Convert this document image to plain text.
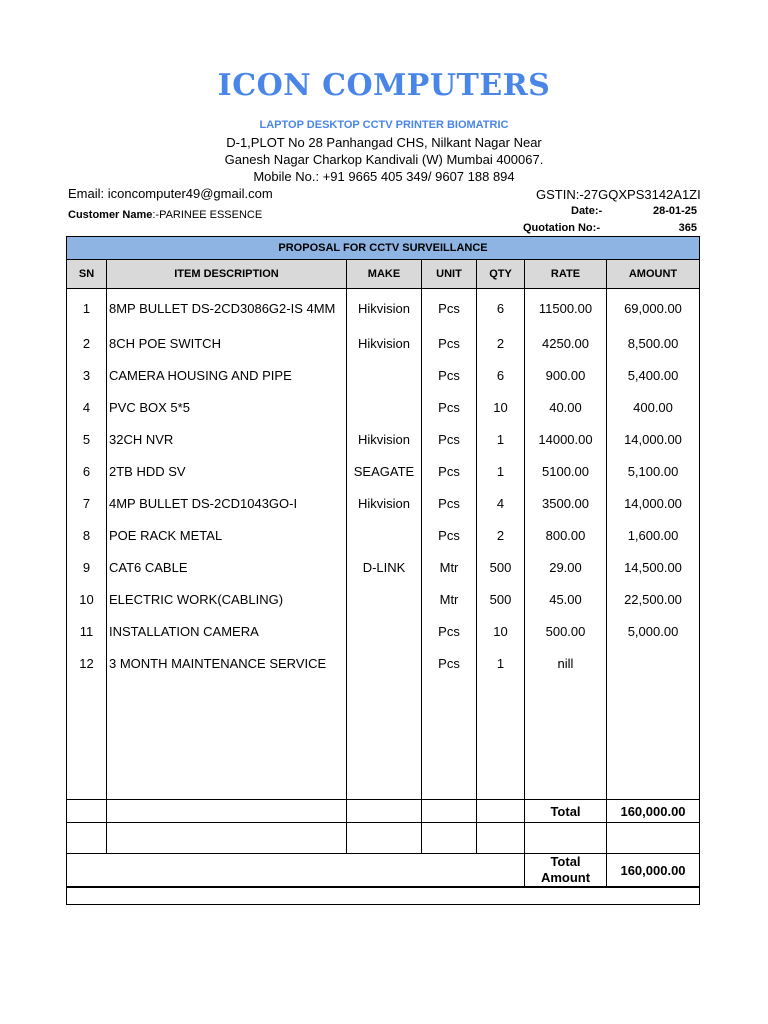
ICON COMPUTERS
LAPTOP DESKTOP CCTV PRINTER BIOMATRIC
D-1,PLOT No 28 Panhangad CHS, Nilkant Nagar Near
Ganesh Nagar Charkop Kandivali (W) Mumbai 400067.
Mobile No.: +91 9665 405 349/ 9607 188 894
Email: iconcomputer49@gmail.com	GSTIN:-27GQXPS3142A1ZI
Customer Name:-PARINEE ESSENCE	Date:-	28-01-25
Quotation No:-	365
PROPOSAL FOR CCTV SURVEILLANCE						
SN	ITEM DESCRIPTION	MAKE	UNIT	QTY	RATE	AMOUNT
1	8MP BULLET DS-2CD3086G2-IS 4MM	Hikvision	Pcs	6	11500.00	69,000.00
2	8CH POE SWITCH	Hikvision	Pcs	2	4250.00	8,500.00
3	CAMERA HOUSING AND PIPE		Pcs	6	900.00	5,400.00
4	PVC BOX 5*5		Pcs	10	40.00	400.00
5	32CH NVR	Hikvision	Pcs	1	14000.00	14,000.00
6	2TB HDD SV	SEAGATE	Pcs	1	5100.00	5,100.00
7	4MP BULLET DS-2CD1043GO-I	Hikvision	Pcs	4	3500.00	14,000.00
8	POE RACK METAL		Pcs	2	800.00	1,600.00
9	CAT6 CABLE	D-LINK	Mtr	500	29.00	14,500.00
10	ELECTRIC WORK(CABLING)		Mtr	500	45.00	22,500.00
11	INSTALLATION CAMERA		Pcs	10	500.00	5,000.00
12	3 MONTH MAINTENANCE SERVICE		Pcs	1	nill	

					Total	160,000.00

					Total
Amount	160,000.00
